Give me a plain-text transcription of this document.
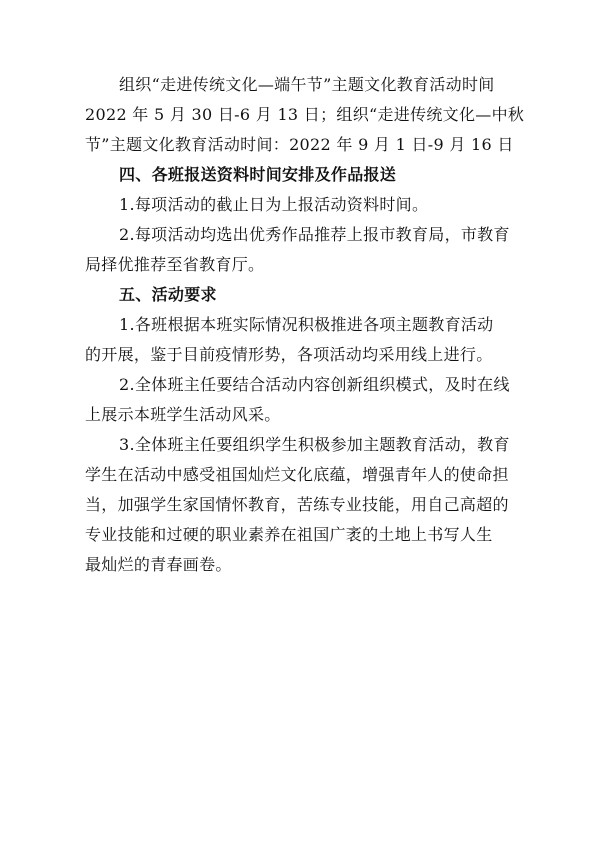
组织“走进传统文化—端午节”主题文化教育活动时间
2022 年 5 月 30 日-6 月 13 日；组织“走进传统文化—中秋
节”主题文化教育活动时间：2022 年 9 月 1 日-9 月 16 日

四、各班报送资料时间安排及作品报送

1.每项活动的截止日为上报活动资料时间。

2.每项活动均选出优秀作品推荐上报市教育局，市教育
局择优推荐至省教育厅。

五、活动要求

1.各班根据本班实际情况积极推进各项主题教育活动
的开展，鉴于目前疫情形势，各项活动均采用线上进行。

2.全体班主任要结合活动内容创新组织模式，及时在线
上展示本班学生活动风采。

3.全体班主任要组织学生积极参加主题教育活动，教育
学生在活动中感受祖国灿烂文化底蕴，增强青年人的使命担
当，加强学生家国情怀教育，苦练专业技能，用自己高超的
专业技能和过硬的职业素养在祖国广袤的土地上书写人生
最灿烂的青春画卷。
